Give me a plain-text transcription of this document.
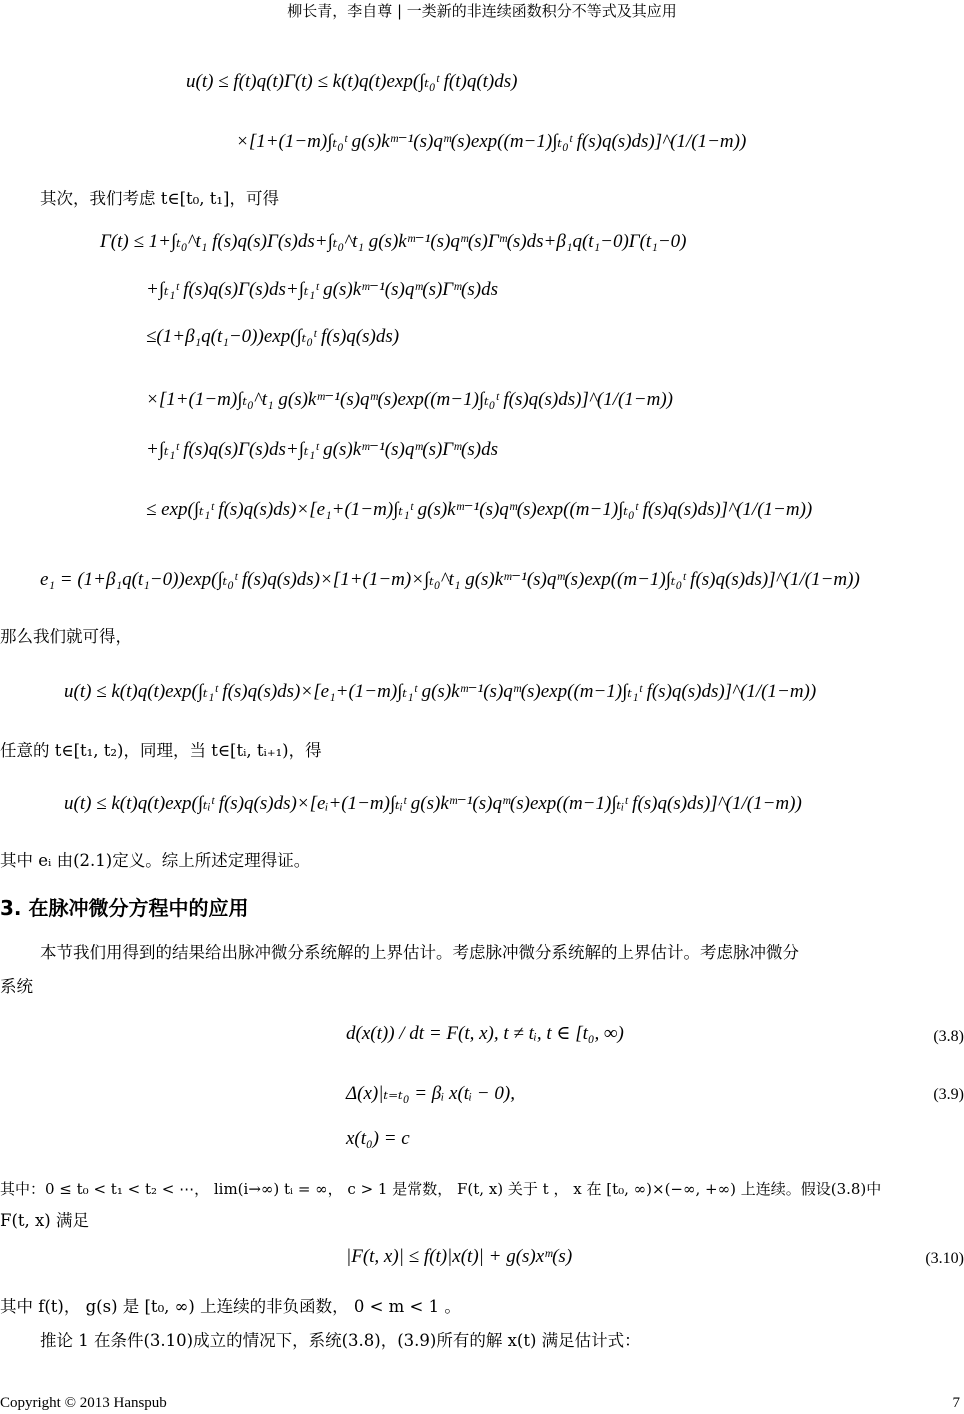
柳长青，李自尊 | 一类新的非连续函数积分不等式及其应用
u(t) ≤ f(t)q(t)Γ(t) ≤ k(t)q(t)exp(∫ₜ₀ᵗ f(t)q(t)ds)
×[1+(1−m)∫ₜ₀ᵗ g(s)kᵐ⁻¹(s)qᵐ(s)exp((m−1)∫ₜ₀ᵗ f(s)q(s)ds)]^(1/(1−m))
其次，我们考虑 t∈[t₀, t₁]，可得
Γ(t) ≤ 1+∫ₜ₀^t₁ f(s)q(s)Γ(s)ds+∫ₜ₀^t₁ g(s)kᵐ⁻¹(s)qᵐ(s)Γᵐ(s)ds+β₁q(t₁−0)Γ(t₁−0)
+∫ₜ₁ᵗ f(s)q(s)Γ(s)ds+∫ₜ₁ᵗ g(s)kᵐ⁻¹(s)qᵐ(s)Γᵐ(s)ds
≤(1+β₁q(t₁−0))exp(∫ₜ₀ᵗ f(s)q(s)ds)
×[1+(1−m)∫ₜ₀^t₁ g(s)kᵐ⁻¹(s)qᵐ(s)exp((m−1)∫ₜ₀ᵗ f(s)q(s)ds)]^(1/(1−m))
+∫ₜ₁ᵗ f(s)q(s)Γ(s)ds+∫ₜ₁ᵗ g(s)kᵐ⁻¹(s)qᵐ(s)Γᵐ(s)ds
≤ exp(∫ₜ₁ᵗ f(s)q(s)ds)×[e₁+(1−m)∫ₜ₁ᵗ g(s)kᵐ⁻¹(s)qᵐ(s)exp((m−1)∫ₜ₀ᵗ f(s)q(s)ds)]^(1/(1−m))
e₁ = (1+β₁q(t₁−0))exp(∫ₜ₀ᵗ f(s)q(s)ds)×[1+(1−m)×∫ₜ₀^t₁ g(s)kᵐ⁻¹(s)qᵐ(s)exp((m−1)∫ₜ₀ᵗ f(s)q(s)ds)]^(1/(1−m))
那么我们就可得，
u(t) ≤ k(t)q(t)exp(∫ₜ₁ᵗ f(s)q(s)ds)×[e₁+(1−m)∫ₜ₁ᵗ g(s)kᵐ⁻¹(s)qᵐ(s)exp((m−1)∫ₜ₁ᵗ f(s)q(s)ds)]^(1/(1−m))
任意的 t∈[t₁, t₂)，同理，当 t∈[tᵢ, tᵢ₊₁)，得
u(t) ≤ k(t)q(t)exp(∫ₜᵢᵗ f(s)q(s)ds)×[eᵢ+(1−m)∫ₜᵢᵗ g(s)kᵐ⁻¹(s)qᵐ(s)exp((m−1)∫ₜᵢᵗ f(s)q(s)ds)]^(1/(1−m))
其中 eᵢ 由(2.1)定义。综上所述定理得证。
3. 在脉冲微分方程中的应用
本节我们用得到的结果给出脉冲微分系统解的上界估计。考虑脉冲微分系统解的上界估计。考虑脉冲微分
系统
d(x(t)) / dt = F(t, x), t ≠ tᵢ, t ∈ [t₀, ∞)	(3.8)
Δ(x)|ₜ₌ₜ₀ = βᵢ x(tᵢ − 0),	(3.9)
x(t₀) = c
其中：0 ≤ t₀ < t₁ < t₂ < ⋯， lim(i→∞) tᵢ = ∞， c > 1 是常数， F(t, x) 关于 t ， x 在 [t₀, ∞)×(−∞, +∞) 上连续。假设(3.8)中
F(t, x) 满足
|F(t, x)| ≤ f(t)|x(t)| + g(s)xᵐ(s)	(3.10)
其中 f(t)， g(s) 是 [t₀, ∞) 上连续的非负函数， 0 < m < 1 。
推论 1 在条件(3.10)成立的情况下，系统(3.8)，(3.9)所有的解 x(t) 满足估计式：
Copyright © 2013 Hanspub	7
